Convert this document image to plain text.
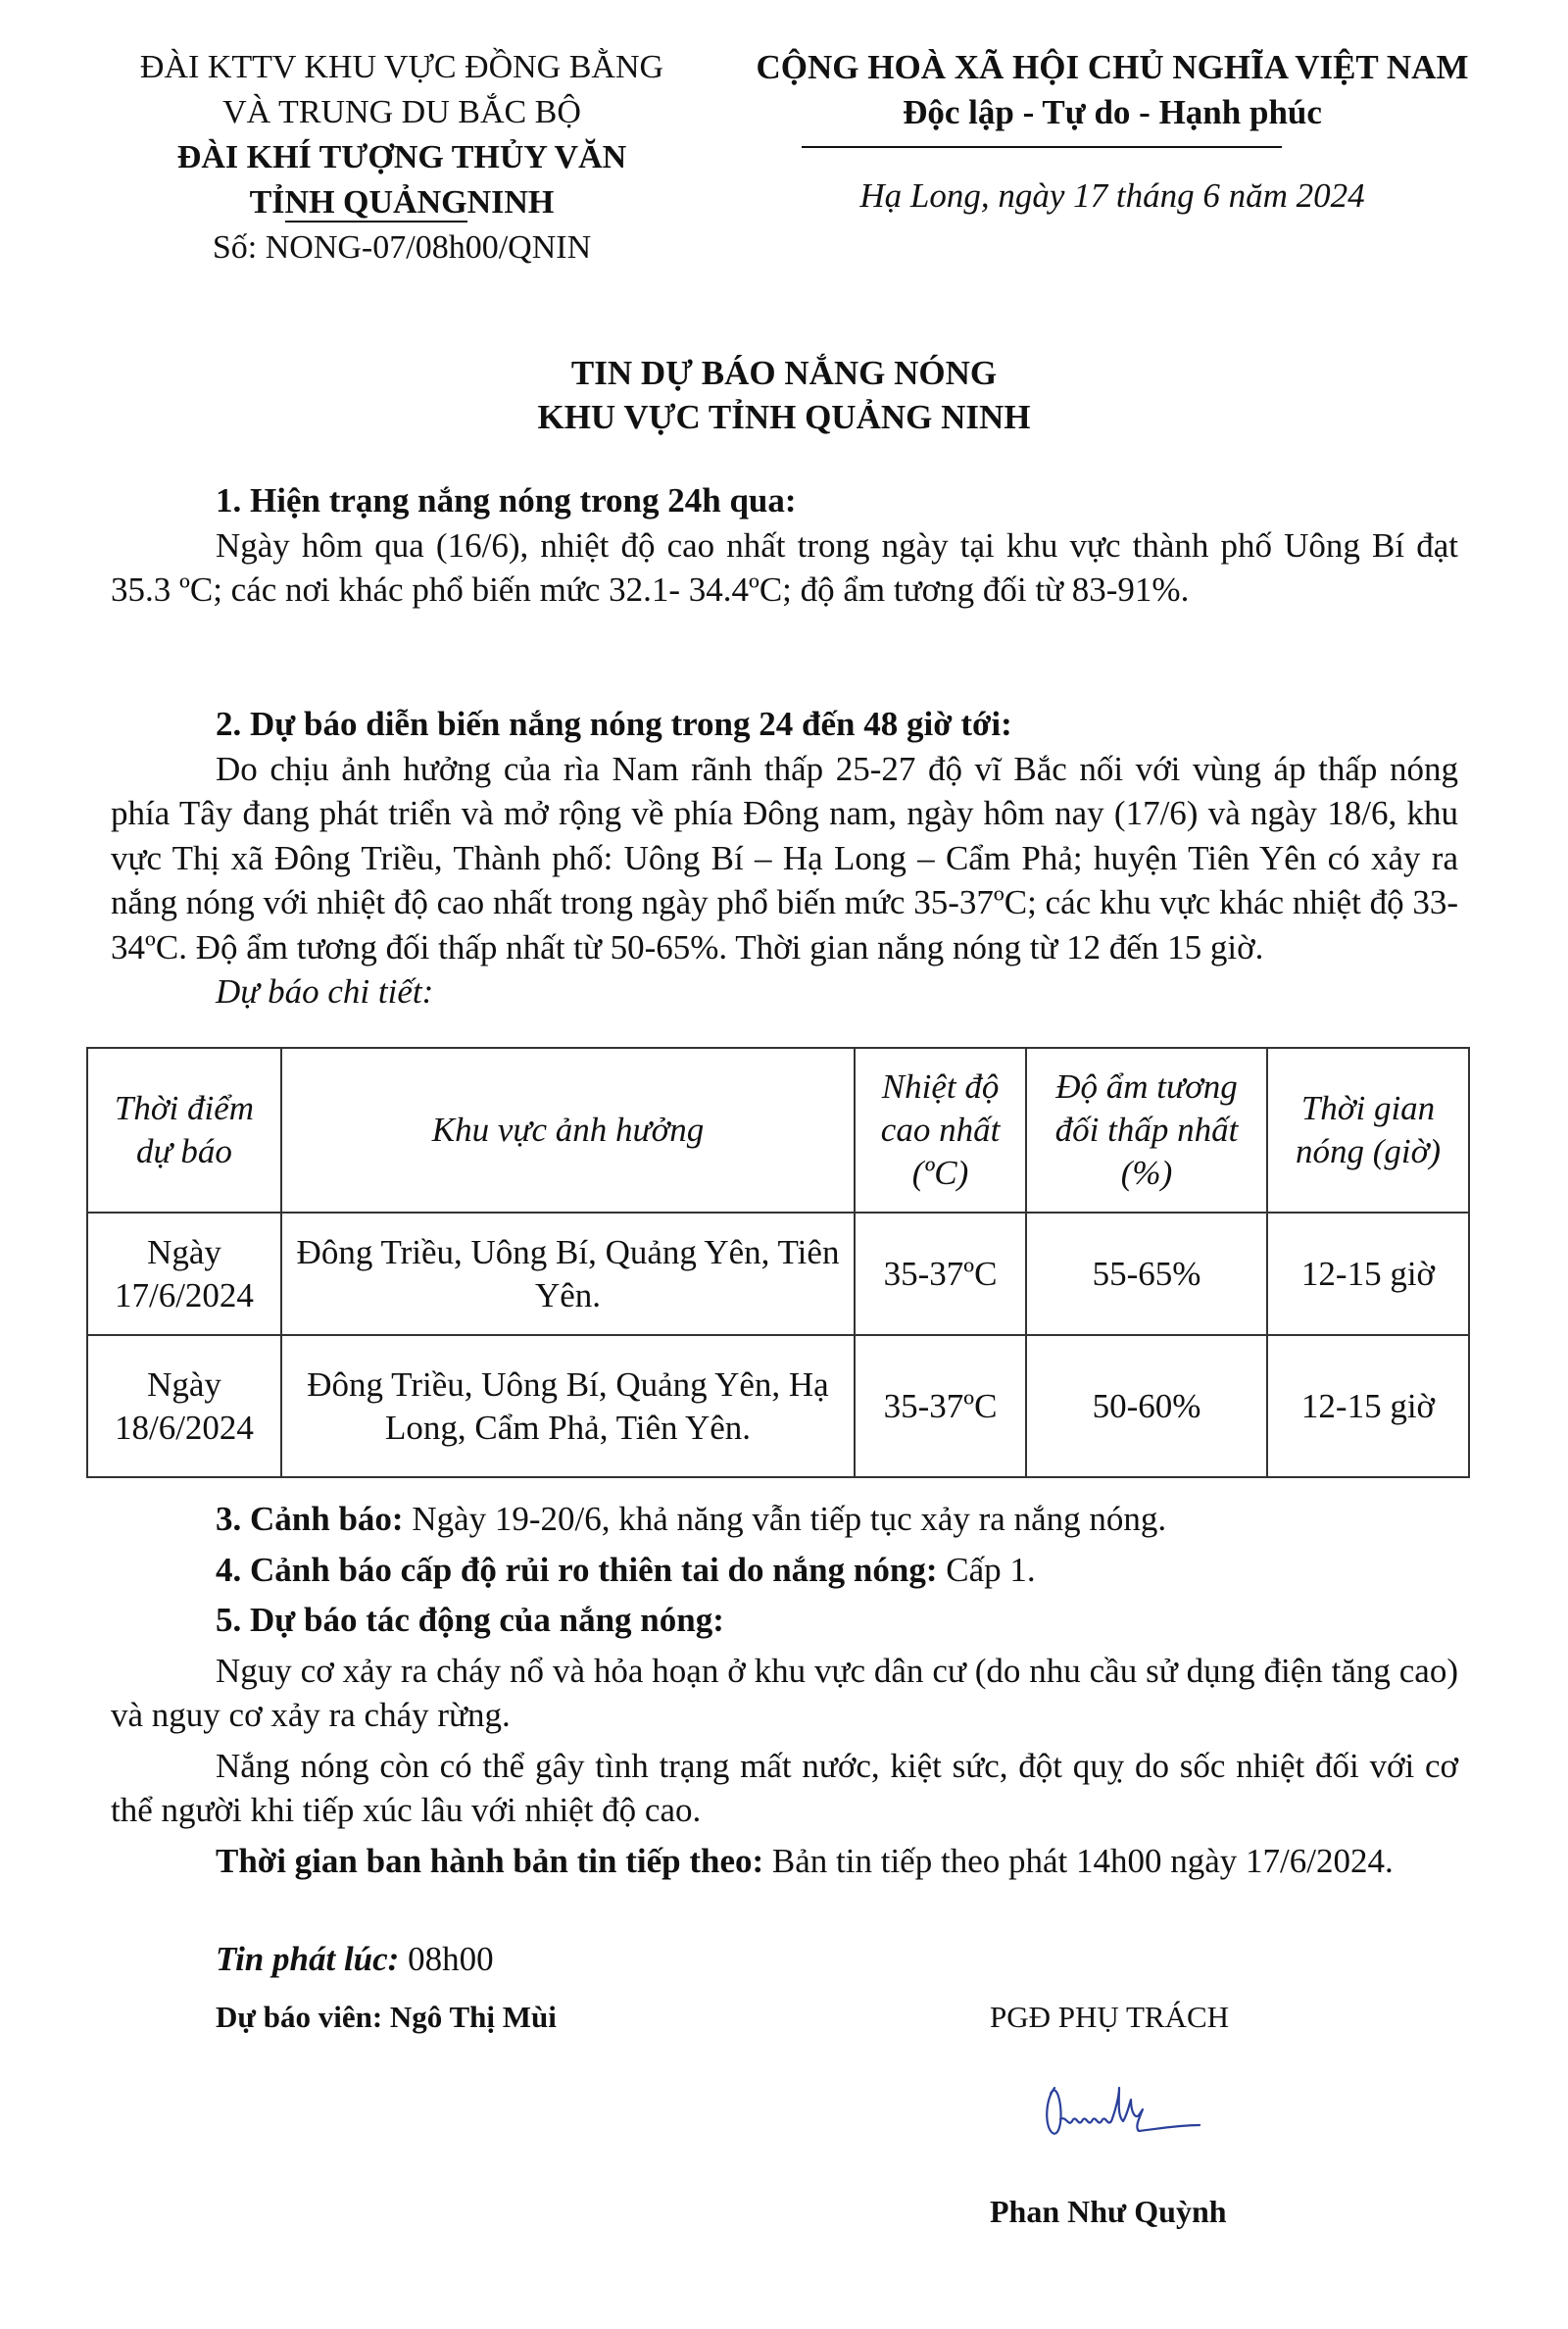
ĐÀI KTTV KHU VỰC ĐỒNG BẰNG
VÀ TRUNG DU BẮC BỘ
ĐÀI KHÍ TƯỢNG THỦY VĂN
TỈNH QUẢNGNINH
Số: NONG-07/08h00/QNIN
CỘNG HOÀ XÃ HỘI CHỦ NGHĨA VIỆT NAM
Độc lập - Tự do - Hạnh phúc
Hạ Long, ngày 17 tháng 6 năm 2024
TIN DỰ BÁO NẮNG NÓNG
KHU VỰC TỈNH QUẢNG NINH

1. Hiện trạng nắng nóng trong 24h qua:

Ngày hôm qua (16/6), nhiệt độ cao nhất trong ngày tại khu vực thành phố Uông Bí đạt 35.3 ºC; các nơi khác phổ biến mức 32.1- 34.4ºC; độ ẩm tương đối từ 83-91%.

2. Dự báo diễn biến nắng nóng trong 24 đến 48 giờ tới:

Do chịu ảnh hưởng của rìa Nam rãnh thấp 25-27 độ vĩ Bắc nối với vùng áp thấp nóng phía Tây đang phát triển và mở rộng về phía Đông nam, ngày hôm nay (17/6) và ngày 18/6, khu vực Thị xã Đông Triều, Thành phố: Uông Bí – Hạ Long – Cẩm Phả; huyện Tiên Yên có xảy ra nắng nóng với nhiệt độ cao nhất trong ngày phổ biến mức 35-37ºC; các khu vực khác nhiệt độ 33-34ºC. Độ ẩm tương đối thấp nhất từ 50-65%. Thời gian nắng nóng từ 12 đến 15 giờ.

Dự báo chi tiết:

Thời điểm dự báo	Khu vực ảnh hưởng	Nhiệt độ cao nhất (ºC)	Độ ẩm tương đối thấp nhất (%)	Thời gian nóng (giờ)
Ngày 17/6/2024	Đông Triều, Uông Bí, Quảng Yên, Tiên Yên.	35-37ºC	55-65%	12-15 giờ
Ngày 18/6/2024	Đông Triều, Uông Bí, Quảng Yên, Hạ Long, Cẩm Phả, Tiên Yên.	35-37ºC	50-60%	12-15 giờ

3. Cảnh báo: Ngày 19-20/6, khả năng vẫn tiếp tục xảy ra nắng nóng.

4. Cảnh báo cấp độ rủi ro thiên tai do nắng nóng: Cấp 1.

5. Dự báo tác động của nắng nóng:

Nguy cơ xảy ra cháy nổ và hỏa hoạn ở khu vực dân cư (do nhu cầu sử dụng điện tăng cao) và nguy cơ xảy ra cháy rừng.

Nắng nóng còn có thể gây tình trạng mất nước, kiệt sức, đột quỵ do sốc nhiệt đối với cơ thể người khi tiếp xúc lâu với nhiệt độ cao.

Thời gian ban hành bản tin tiếp theo: Bản tin tiếp theo phát 14h00 ngày 17/6/2024.

Tin phát lúc: 08h00
Dự báo viên: Ngô Thị Mùi	PGĐ PHỤ TRÁCH
Phan Như Quỳnh
